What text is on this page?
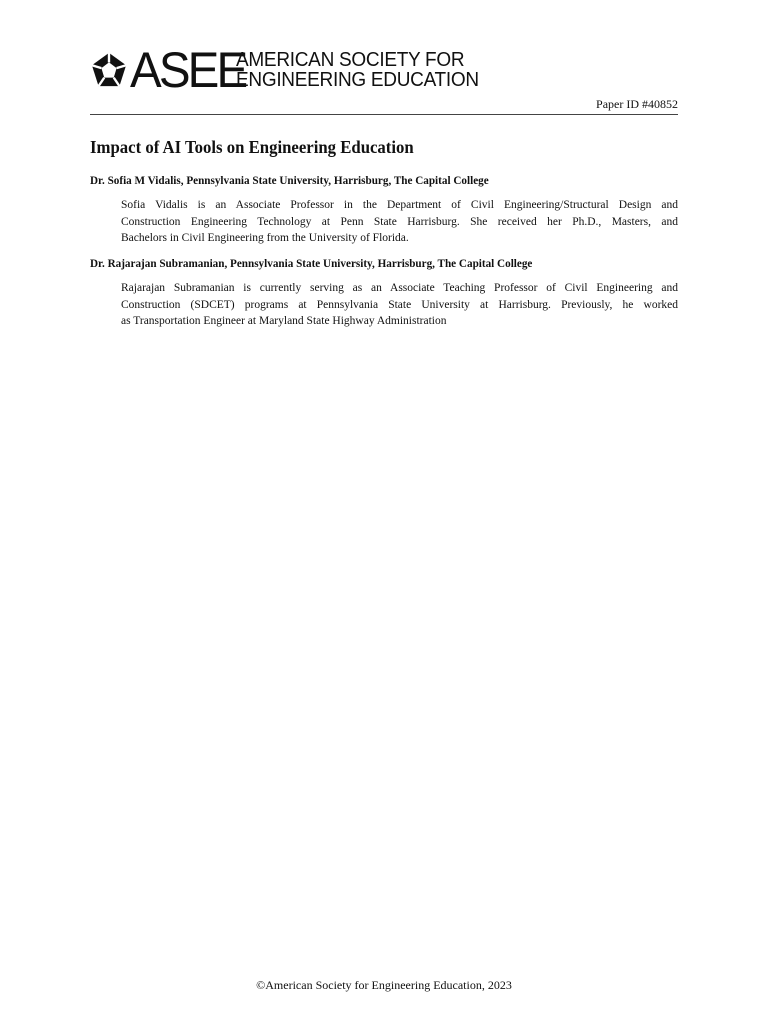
ASEE
AMERICAN SOCIETY FOR
ENGINEERING EDUCATION
Paper ID #40852
Impact of AI Tools on Engineering Education
Dr. Sofia M Vidalis, Pennsylvania State University, Harrisburg, The Capital College
Sofia Vidalis is an Associate Professor in the Department of Civil Engineering/Structural Design and
Construction Engineering Technology at Penn State Harrisburg. She received her Ph.D., Masters, and
Bachelors in Civil Engineering from the University of Florida.
Dr. Rajarajan Subramanian, Pennsylvania State University, Harrisburg, The Capital College
Rajarajan Subramanian is currently serving as an Associate Teaching Professor of Civil Engineering and
Construction (SDCET) programs at Pennsylvania State University at Harrisburg. Previously, he worked
as Transportation Engineer at Maryland State Highway Administration
©American Society for Engineering Education, 2023
